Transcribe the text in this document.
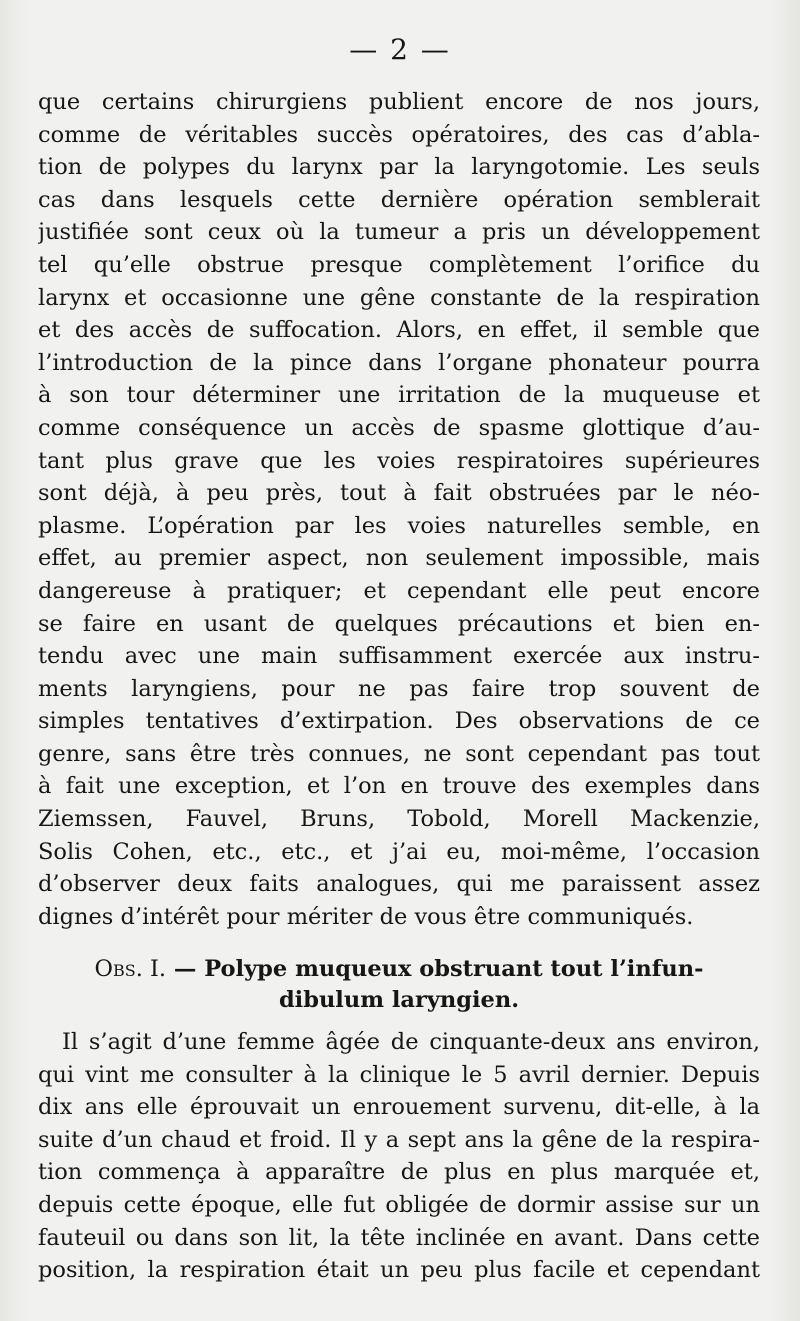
— 2 —
que certains chirurgiens publient encore de nos jours,
comme de véritables succès opératoires, des cas d’abla-
tion de polypes du larynx par la laryngotomie. Les seuls
cas dans lesquels cette dernière opération semblerait
justifiée sont ceux où la tumeur a pris un développement
tel qu’elle obstrue presque complètement l’orifice du
larynx et occasionne une gêne constante de la respiration
et des accès de suffocation. Alors, en effet, il semble que
l’introduction de la pince dans l’organe phonateur pourra
à son tour déterminer une irritation de la muqueuse et
comme conséquence un accès de spasme glottique d’au-
tant plus grave que les voies respiratoires supérieures
sont déjà, à peu près, tout à fait obstruées par le néo-
plasme. L’opération par les voies naturelles semble, en
effet, au premier aspect, non seulement impossible, mais
dangereuse à pratiquer; et cependant elle peut encore
se faire en usant de quelques précautions et bien en-
tendu avec une main suffisamment exercée aux instru-
ments laryngiens, pour ne pas faire trop souvent de
simples tentatives d’extirpation. Des observations de ce
genre, sans être très connues, ne sont cependant pas tout
à fait une exception, et l’on en trouve des exemples dans
Ziemssen, Fauvel, Bruns, Tobold, Morell Mackenzie,
Solis Cohen, etc., etc., et j’ai eu, moi-même, l’occasion
d’observer deux faits analogues, qui me paraissent assez
dignes d’intérêt pour mériter de vous être communiqués.
Obs. I. — Polype muqueux obstruant tout l’infun-
dibulum laryngien.
Il s’agit d’une femme âgée de cinquante-deux ans environ,
qui vint me consulter à la clinique le 5 avril dernier. Depuis
dix ans elle éprouvait un enrouement survenu, dit-elle, à la
suite d’un chaud et froid. Il y a sept ans la gêne de la respira-
tion commença à apparaître de plus en plus marquée et,
depuis cette époque, elle fut obligée de dormir assise sur un
fauteuil ou dans son lit, la tête inclinée en avant. Dans cette
position, la respiration était un peu plus facile et cependant
